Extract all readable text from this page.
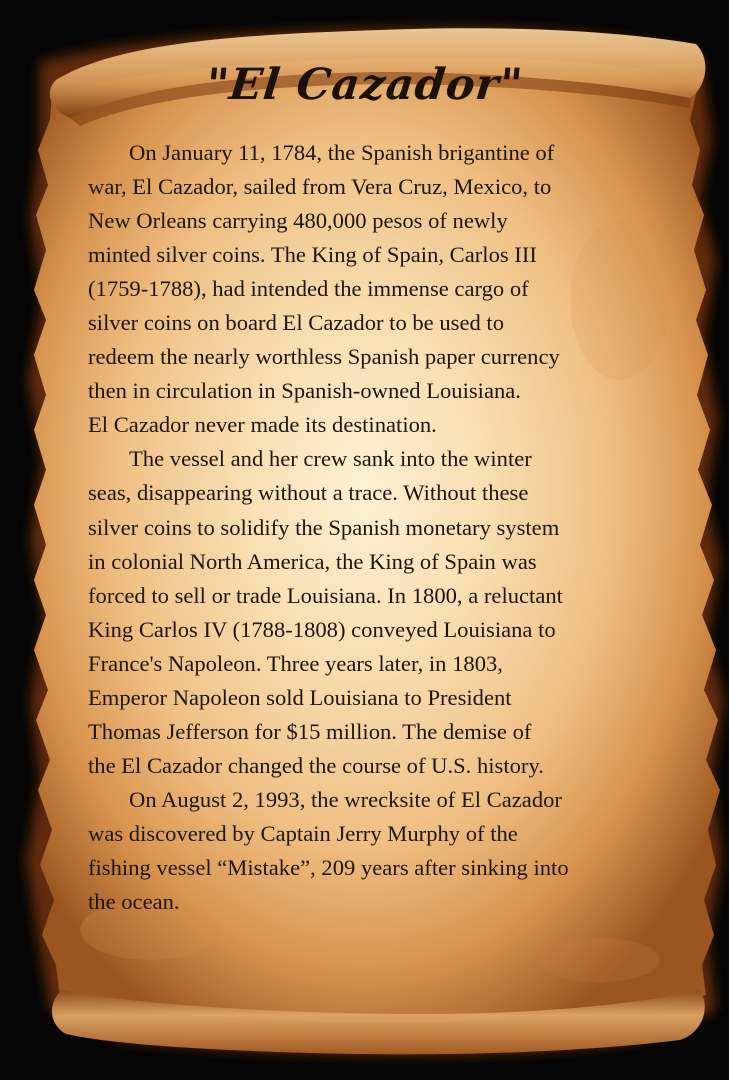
"El Cazador"

On January 11, 1784, the Spanish brigantine of
war, El Cazador, sailed from Vera Cruz, Mexico, to
New Orleans carrying 480,000 pesos of newly
minted silver coins. The King of Spain, Carlos III
(1759-1788), had intended the immense cargo of
silver coins on board El Cazador to be used to
redeem the nearly worthless Spanish paper currency
then in circulation in Spanish-owned Louisiana.
El Cazador never made its destination.

The vessel and her crew sank into the winter
seas, disappearing without a trace. Without these
silver coins to solidify the Spanish monetary system
in colonial North America, the King of Spain was
forced to sell or trade Louisiana. In 1800, a reluctant
King Carlos IV (1788-1808) conveyed Louisiana to
France's Napoleon. Three years later, in 1803,
Emperor Napoleon sold Louisiana to President
Thomas Jefferson for $15 million. The demise of
the El Cazador changed the course of U.S. history.

On August 2, 1993, the wrecksite of El Cazador
was discovered by Captain Jerry Murphy of the
fishing vessel “Mistake”, 209 years after sinking into
the ocean.
